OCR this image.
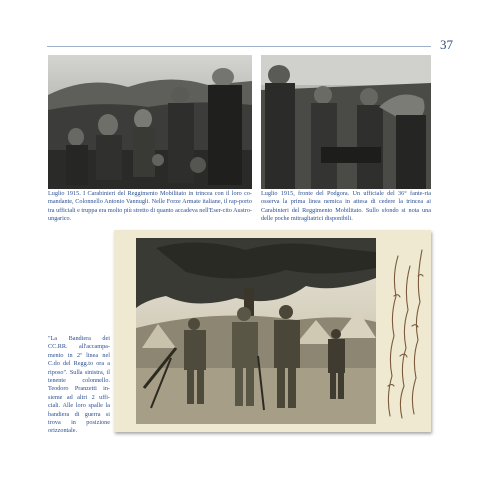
37

Luglio 1915. I Carabinieri del Reggimento Mobilitato in trincea con il loro co-mandante, Colonnello Antonio Vannugli. Nelle Forze Armate italiane, il rap-porto tra ufficiali e truppa era molto più stretto di quanto accadeva nell'Eser-cito Austro-ungarico.

Luglio 1915, fronte del Podgora. Un ufficiale del 36° fante-ria osserva la prima linea nemica in attesa di cedere la trincea ai Carabinieri del Reggimento Mobilitato. Sullo sfondo si nota una delle poche mitragliatrici disponibili.

"La Bandiera dei CC.RR. all'accampa-mento in 2ª linea nel C.do del Regg.to ora a riposo". Sulla sinistra, il tenente colonnello. Teodoro Pranzetti in-sieme ad altri 2 uffi-ciali. Alle loro spalle la bandiera di guerra si trova in posizione orizzontale.
